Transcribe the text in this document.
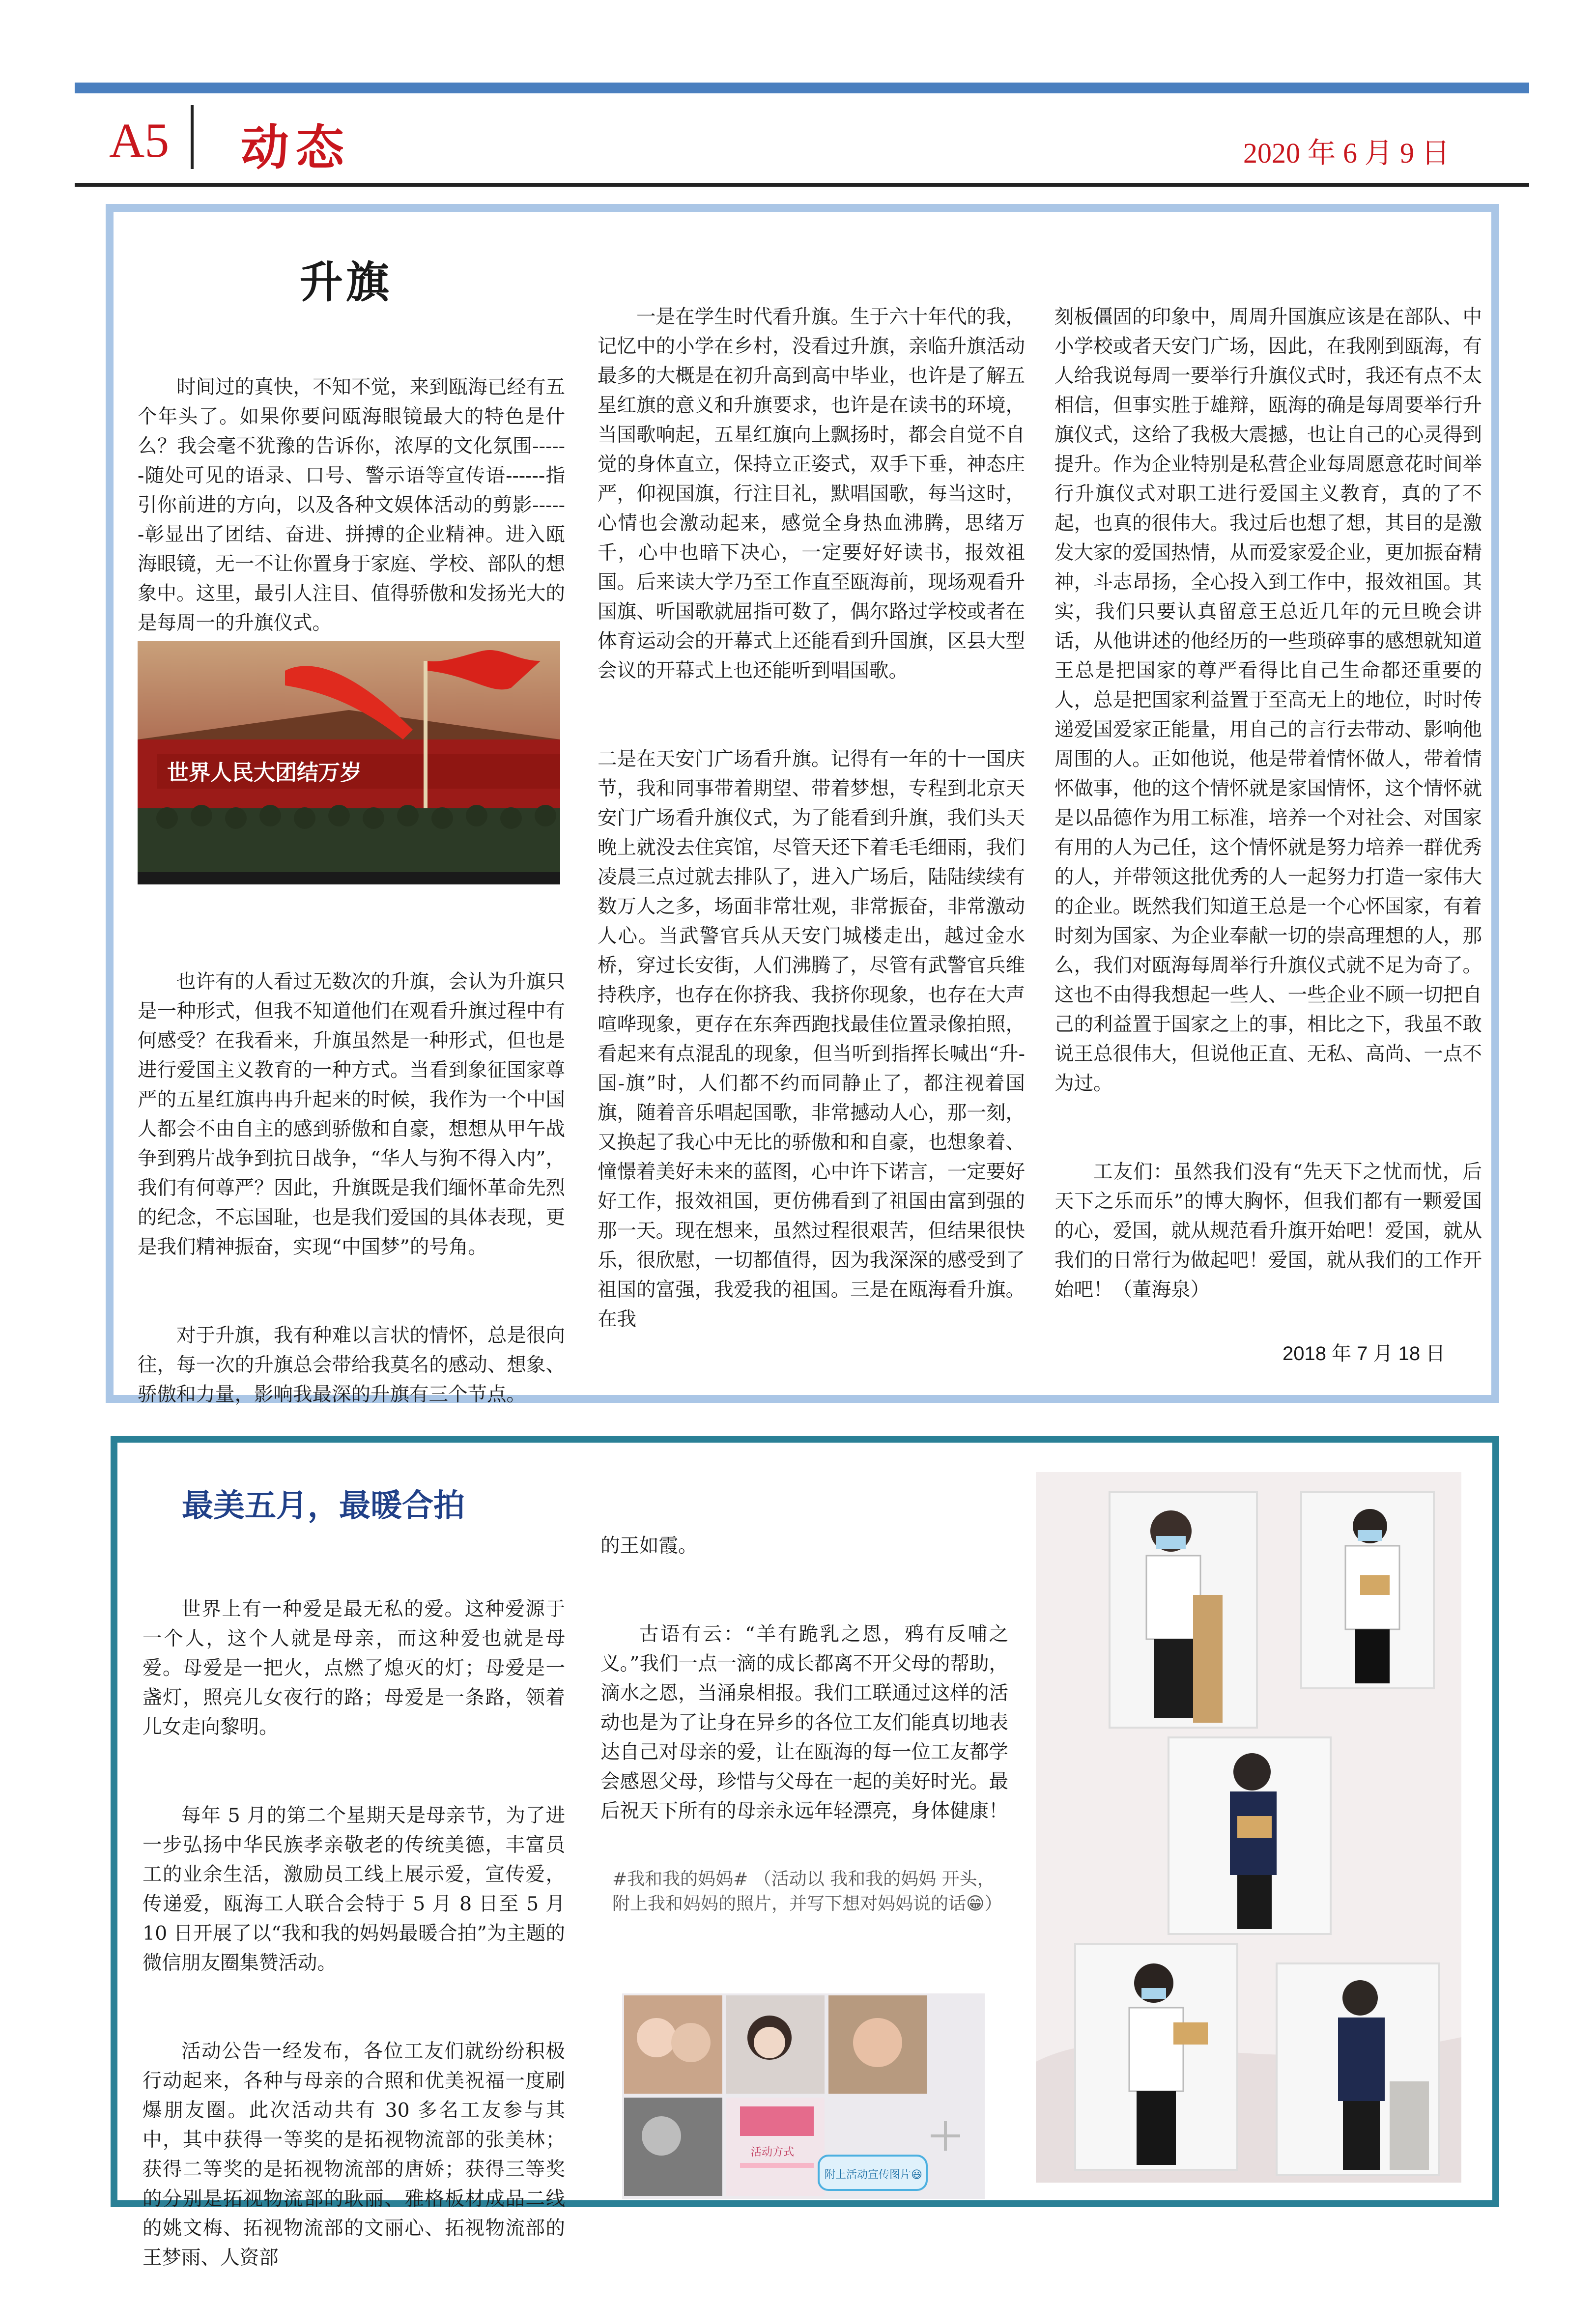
A5 动态	2020 年 6 月 9 日
升旗

时间过的真快，不知不觉，来到瓯海已经有五个年头了。如果你要问瓯海眼镜最大的特色是什么？我会毫不犹豫的告诉你，浓厚的文化氛围------随处可见的语录、口号、警示语等宣传语------指引你前进的方向，以及各种文娱体活动的剪影------彰显出了团结、奋进、拼搏的企业精神。进入瓯海眼镜，无一不让你置身于家庭、学校、部队的想象中。这里，最引人注目、值得骄傲和发扬光大的是每周一的升旗仪式。

世界人民大团结万岁

也许有的人看过无数次的升旗，会认为升旗只是一种形式，但我不知道他们在观看升旗过程中有何感受？在我看来，升旗虽然是一种形式，但也是进行爱国主义教育的一种方式。当看到象征国家尊严的五星红旗冉冉升起来的时候，我作为一个中国人都会不由自主的感到骄傲和自豪，想想从甲午战争到鸦片战争到抗日战争，“华人与狗不得入内”，我们有何尊严？因此，升旗既是我们缅怀革命先烈的纪念，不忘国耻，也是我们爱国的具体表现，更是我们精神振奋，实现“中国梦”的号角。

对于升旗，我有种难以言状的情怀，总是很向往，每一次的升旗总会带给我莫名的感动、想象、骄傲和力量，影响我最深的升旗有三个节点。

一是在学生时代看升旗。生于六十年代的我，记忆中的小学在乡村，没看过升旗，亲临升旗活动最多的大概是在初升高到高中毕业，也许是了解五星红旗的意义和升旗要求，也许是在读书的环境，当国歌响起，五星红旗向上飘扬时，都会自觉不自觉的身体直立，保持立正姿式，双手下垂，神态庄严，仰视国旗，行注目礼，默唱国歌，每当这时，心情也会激动起来，感觉全身热血沸腾，思绪万千，心中也暗下决心，一定要好好读书，报效祖国。后来读大学乃至工作直至瓯海前，现场观看升国旗、听国歌就屈指可数了，偶尔路过学校或者在体育运动会的开幕式上还能看到升国旗，区县大型会议的开幕式上也还能听到唱国歌。

二是在天安门广场看升旗。记得有一年的十一国庆节，我和同事带着期望、带着梦想，专程到北京天安门广场看升旗仪式，为了能看到升旗，我们头天晚上就没去住宾馆，尽管天还下着毛毛细雨，我们凌晨三点过就去排队了，进入广场后，陆陆续续有数万人之多，场面非常壮观，非常振奋，非常激动人心。当武警官兵从天安门城楼走出，越过金水桥，穿过长安街，人们沸腾了，尽管有武警官兵维持秩序，也存在你挤我、我挤你现象，也存在大声喧哗现象，更存在东奔西跑找最佳位置录像拍照，看起来有点混乱的现象，但当听到指挥长喊出“升-国-旗”时，人们都不约而同静止了，都注视着国旗，随着音乐唱起国歌，非常撼动人心，那一刻，又换起了我心中无比的骄傲和和自豪，也想象着、憧憬着美好未来的蓝图，心中许下诺言，一定要好好工作，报效祖国，更仿佛看到了祖国由富到强的那一天。现在想来，虽然过程很艰苦，但结果很快乐，很欣慰，一切都值得，因为我深深的感受到了祖国的富强，我爱我的祖国。三是在瓯海看升旗。在我

刻板僵固的印象中，周周升国旗应该是在部队、中小学校或者天安门广场，因此，在我刚到瓯海，有人给我说每周一要举行升旗仪式时，我还有点不太相信，但事实胜于雄辩，瓯海的确是每周要举行升旗仪式，这给了我极大震撼，也让自己的心灵得到提升。作为企业特别是私营企业每周愿意花时间举行升旗仪式对职工进行爱国主义教育，真的了不起，也真的很伟大。我过后也想了想，其目的是激发大家的爱国热情，从而爱家爱企业，更加振奋精神，斗志昂扬，全心投入到工作中，报效祖国。其实，我们只要认真留意王总近几年的元旦晚会讲话，从他讲述的他经历的一些琐碎事的感想就知道王总是把国家的尊严看得比自己生命都还重要的人，总是把国家利益置于至高无上的地位，时时传递爱国爱家正能量，用自己的言行去带动、影响他周围的人。正如他说，他是带着情怀做人，带着情怀做事，他的这个情怀就是家国情怀，这个情怀就是以品德作为用工标准，培养一个对社会、对国家有用的人为己任，这个情怀就是努力培养一群优秀的人，并带领这批优秀的人一起努力打造一家伟大的企业。既然我们知道王总是一个心怀国家，有着时刻为国家、为企业奉献一切的崇高理想的人，那么，我们对瓯海每周举行升旗仪式就不足为奇了。这也不由得我想起一些人、一些企业不顾一切把自己的利益置于国家之上的事，相比之下，我虽不敢说王总很伟大，但说他正直、无私、高尚、一点不为过。

工友们：虽然我们没有“先天下之忧而忧，后天下之乐而乐”的博大胸怀，但我们都有一颗爱国的心，爱国，就从规范看升旗开始吧！爱国，就从我们的日常行为做起吧！爱国，就从我们的工作开始吧！（董海泉）

2018 年 7 月 18 日
最美五月，最暖合拍

世界上有一种爱是最无私的爱。这种爱源于一个人，这个人就是母亲，而这种爱也就是母爱。母爱是一把火，点燃了熄灭的灯；母爱是一盏灯，照亮儿女夜行的路；母爱是一条路，领着儿女走向黎明。

每年 5 月的第二个星期天是母亲节，为了进一步弘扬中华民族孝亲敬老的传统美德，丰富员工的业余生活，激励员工线上展示爱，宣传爱，传递爱，瓯海工人联合会特于 5 月 8 日至 5 月 10 日开展了以“我和我的妈妈最暖合拍”为主题的微信朋友圈集赞活动。

活动公告一经发布，各位工友们就纷纷积极行动起来，各种与母亲的合照和优美祝福一度刷爆朋友圈。此次活动共有 30 多名工友参与其中，其中获得一等奖的是拓视物流部的张美林；获得二等奖的是拓视物流部的唐娇；获得三等奖的分别是拓视物流部的耿丽、雅格板材成品二线的姚文梅、拓视物流部的文丽心、拓视物流部的王梦雨、人资部

的王如霞。

古语有云：“羊有跪乳之恩，鸦有反哺之义。”我们一点一滴的成长都离不开父母的帮助，滴水之恩，当涌泉相报。我们工联通过这样的活动也是为了让身在异乡的各位工友们能真切地表达自己对母亲的爱，让在瓯海的每一位工友都学会感恩父母，珍惜与父母在一起的美好时光。最后祝天下所有的母亲永远年轻漂亮，身体健康！

#我和我的妈妈# （活动以 我和我的妈妈 开头，附上我和妈妈的照片，并写下想对妈妈说的话😁）
活动方式
附上活动宣传图片😃
